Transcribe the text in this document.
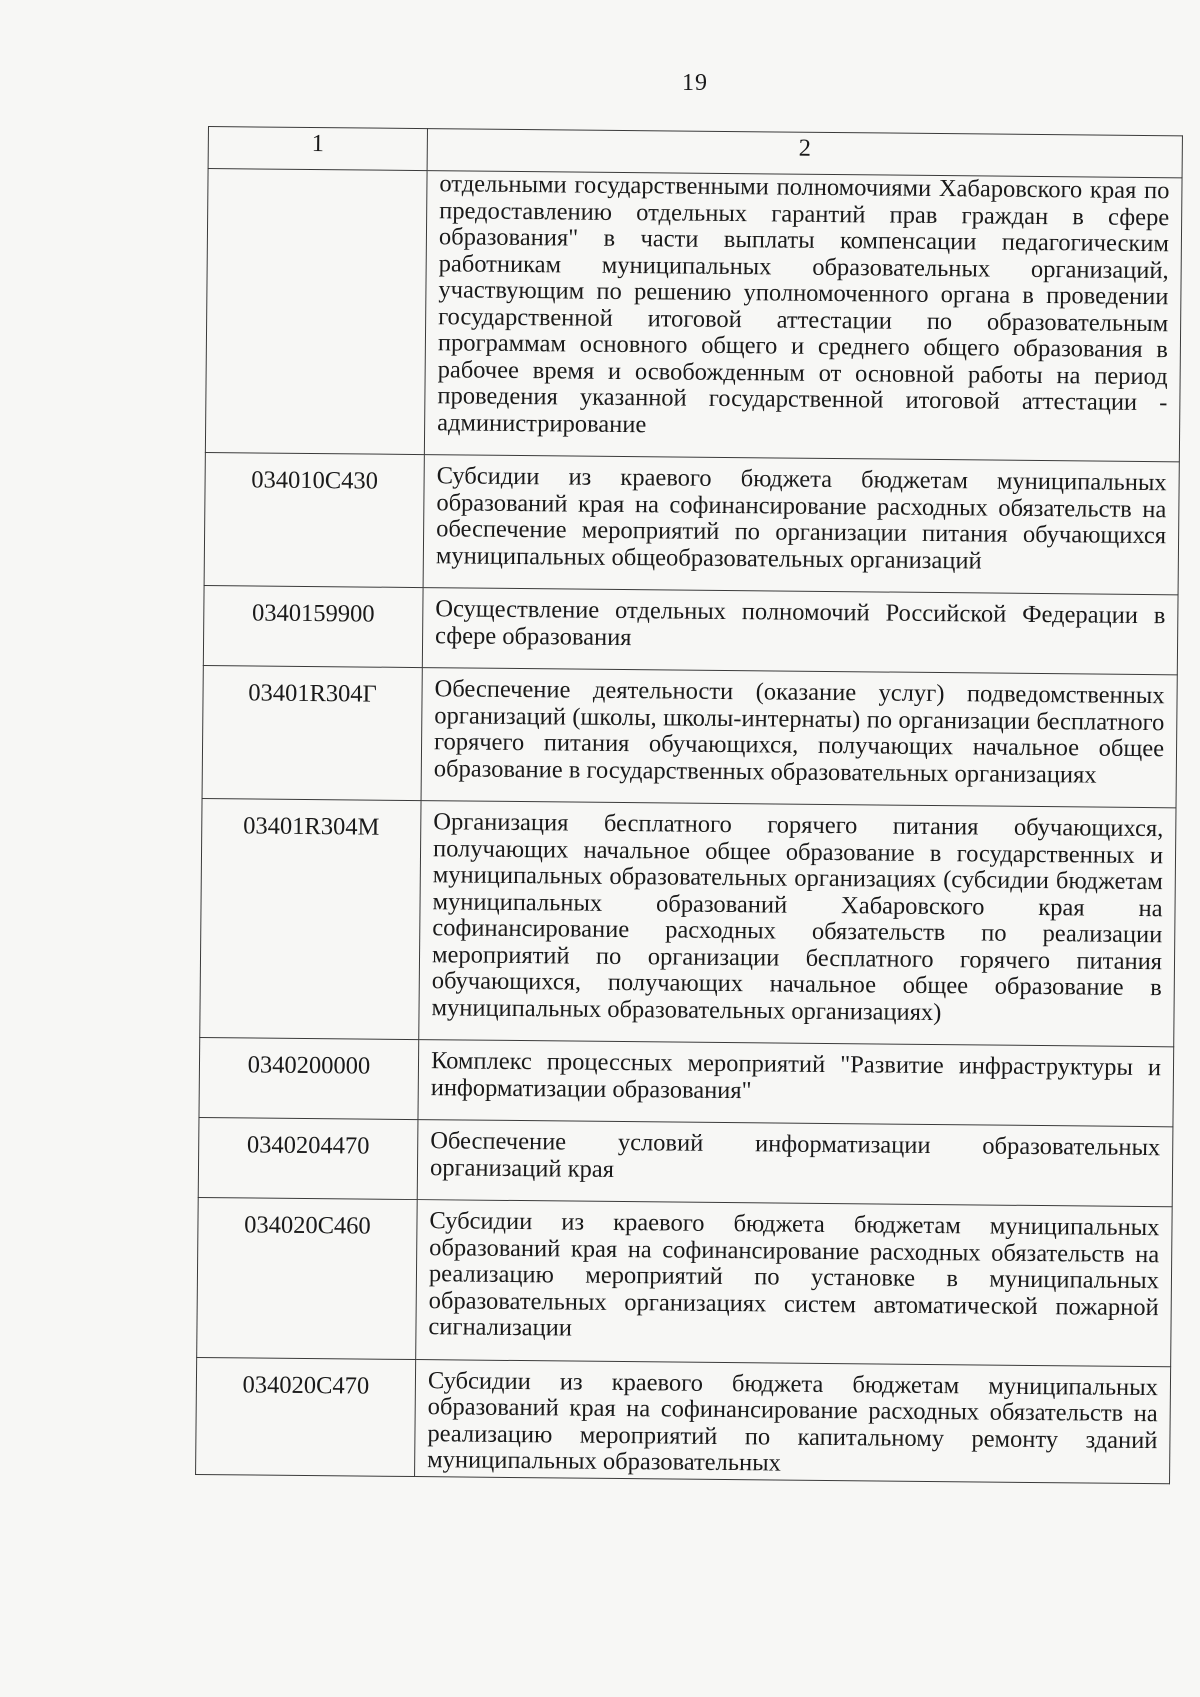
19
1	2
	отдельными государственными полномочиями Хабаровского края по предоставлению отдельных гарантий прав граждан в сфере образования" в части выплаты компенсации педагогическим работникам муниципальных образовательных организаций, участвующим по решению уполномоченного органа в проведении государственной итоговой аттестации по образовательным программам основного общего и среднего общего образования в рабочее время и освобожденным от основной работы на период проведения указанной государственной итоговой аттестации - администрирование
034010С430	Субсидии из краевого бюджета бюджетам муниципальных образований края на софинансирование расходных обязательств на обеспечение мероприятий по организации питания обучающихся муниципальных общеобразовательных организаций
0340159900	Осуществление отдельных полномочий Российской Федерации в сфере образования
03401R304Г	Обеспечение деятельности (оказание услуг) подведомственных организаций (школы, школы-интернаты) по организации бесплатного горячего питания обучающихся, получающих начальное общее образование в государственных образовательных организациях
03401R304М	Организация бесплатного горячего питания обучающихся, получающих начальное общее образование в государственных и муниципальных образовательных организациях (субсидии бюджетам муниципальных образований Хабаровского края на софинансирование расходных обязательств по реализации мероприятий по организации бесплатного горячего питания обучающихся, получающих начальное общее образование в муниципальных образовательных организациях)
0340200000	Комплекс процессных мероприятий "Развитие инфраструктуры и информатизации образования"
0340204470	Обеспечение условий информатизации образовательных организаций края
034020С460	Субсидии из краевого бюджета бюджетам муниципальных образований края на софинансирование расходных обязательств на реализацию мероприятий по установке в муниципальных образовательных организациях систем автоматической пожарной сигнализации
034020С470	Субсидии из краевого бюджета бюджетам муниципальных образований края на софинансирование расходных обязательств на реализацию мероприятий по капитальному ремонту зданий муниципальных образовательных
